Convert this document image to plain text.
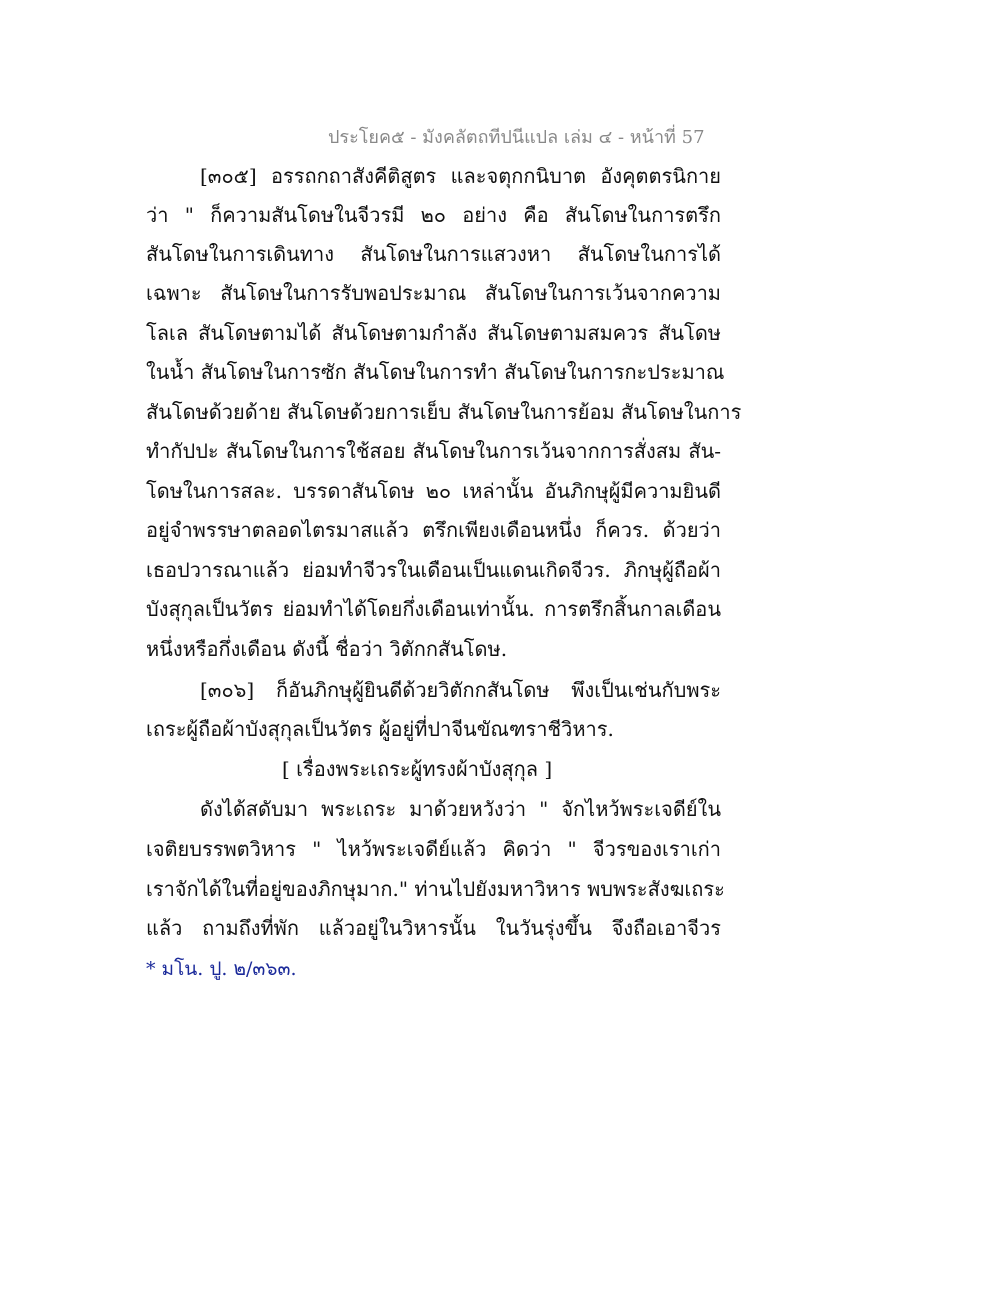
ประโยค๕ - มังคลัตถทีปนีแปล เล่ม ๔ - หน้าที่ 57
[๓๐๕] อรรถกถาสังคีติสูตร และจตุกกนิบาต อังคุตตรนิกาย
ว่า " ก็ความสันโดษในจีวรมี ๒๐ อย่าง คือ สันโดษในการตรึก
สันโดษในการเดินทาง สันโดษในการแสวงหา สันโดษในการได้
เฉพาะ สันโดษในการรับพอประมาณ สันโดษในการเว้นจากความ
โลเล สันโดษตามได้ สันโดษตามกำลัง สันโดษตามสมควร สันโดษ
ในน้ำ สันโดษในการซัก สันโดษในการทำ สันโดษในการกะประมาณ
สันโดษด้วยด้าย สันโดษด้วยการเย็บ สันโดษในการย้อม สันโดษในการ
ทำกัปปะ สันโดษในการใช้สอย สันโดษในการเว้นจากการสั่งสม สัน-
โดษในการสละ. บรรดาสันโดษ ๒๐ เหล่านั้น อันภิกษุผู้มีความยินดี
อยู่จำพรรษาตลอดไตรมาสแล้ว ตรึกเพียงเดือนหนึ่ง ก็ควร. ด้วยว่า
เธอปวารณาแล้ว ย่อมทำจีวรในเดือนเป็นแดนเกิดจีวร. ภิกษุผู้ถือผ้า
บังสุกุลเป็นวัตร ย่อมทำได้โดยกึ่งเดือนเท่านั้น. การตรึกสิ้นกาลเดือน
หนึ่งหรือกึ่งเดือน ดังนี้ ชื่อว่า วิตักกสันโดษ.
[๓๐๖] ก็อันภิกษุผู้ยินดีด้วยวิตักกสันโดษ พึงเป็นเช่นกับพระ
เถระผู้ถือผ้าบังสุกุลเป็นวัตร ผู้อยู่ที่ปาจีนขัณฑราชีวิหาร.
[ เรื่องพระเถระผู้ทรงผ้าบังสุกุล ]
ดังได้สดับมา พระเถระ มาด้วยหวังว่า " จักไหว้พระเจดีย์ใน
เจติยบรรพตวิหาร " ไหว้พระเจดีย์แล้ว คิดว่า " จีวรของเราเก่า
เราจักได้ในที่อยู่ของภิกษุมาก." ท่านไปยังมหาวิหาร พบพระสังฆเถระ
แล้ว ถามถึงที่พัก แล้วอยู่ในวิหารนั้น ในวันรุ่งขึ้น จึงถือเอาจีวร
* มโน. ปู. ๒/๓๖๓.
